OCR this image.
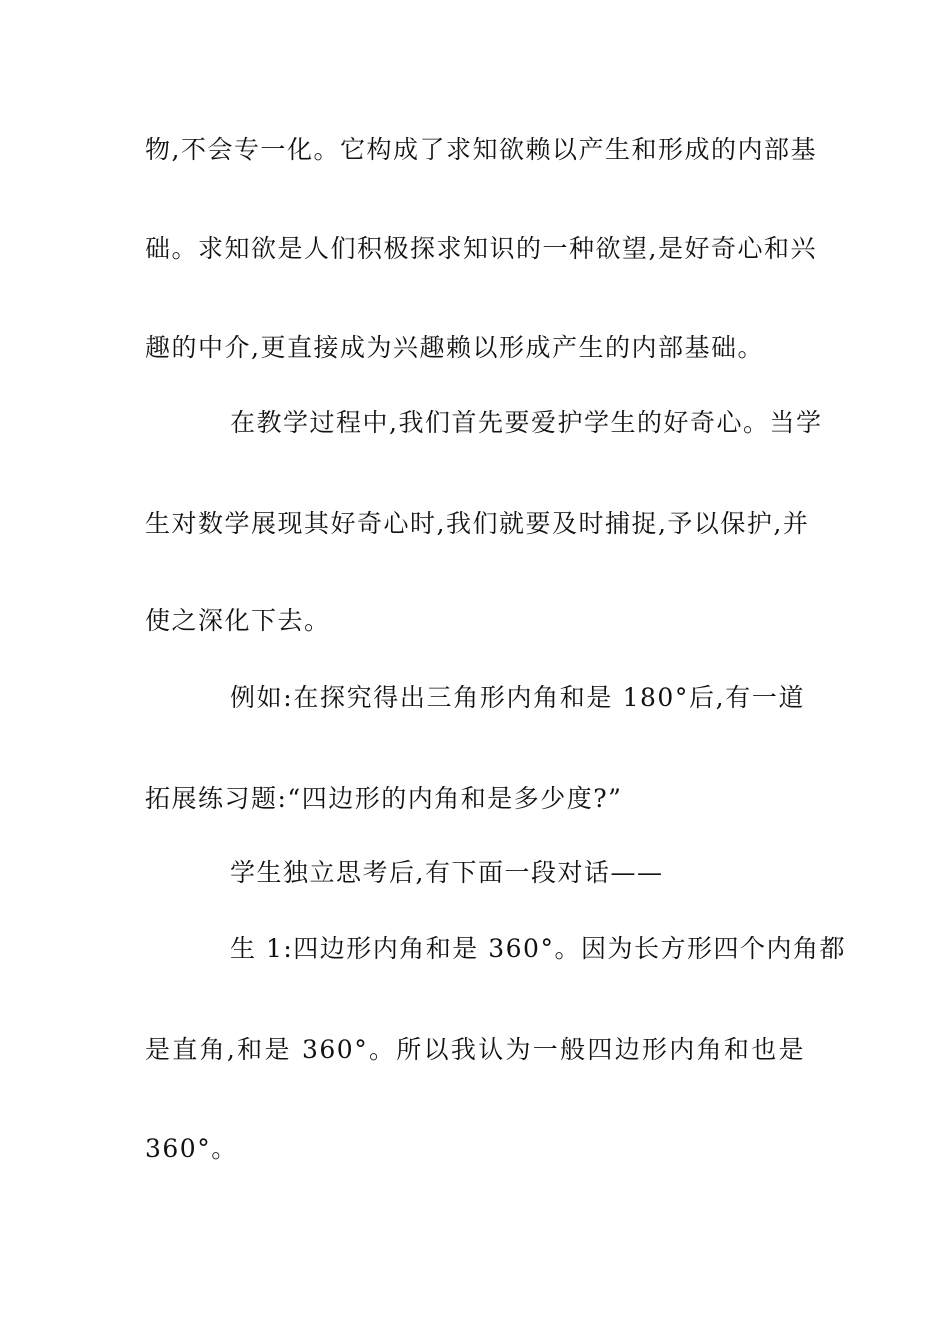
物,不会专一化。它构成了求知欲赖以产生和形成的内部基
础。求知欲是人们积极探求知识的一种欲望,是好奇心和兴
趣的中介,更直接成为兴趣赖以形成产生的内部基础。
在教学过程中,我们首先要爱护学生的好奇心。当学
生对数学展现其好奇心时,我们就要及时捕捉,予以保护,并
使之深化下去。
例如:在探究得出三角形内角和是 180°后,有一道
拓展练习题:“四边形的内角和是多少度?”
学生独立思考后,有下面一段对话——
生 1:四边形内角和是 360°。因为长方形四个内角都
是直角,和是 360°。所以我认为一般四边形内角和也是
360°。
